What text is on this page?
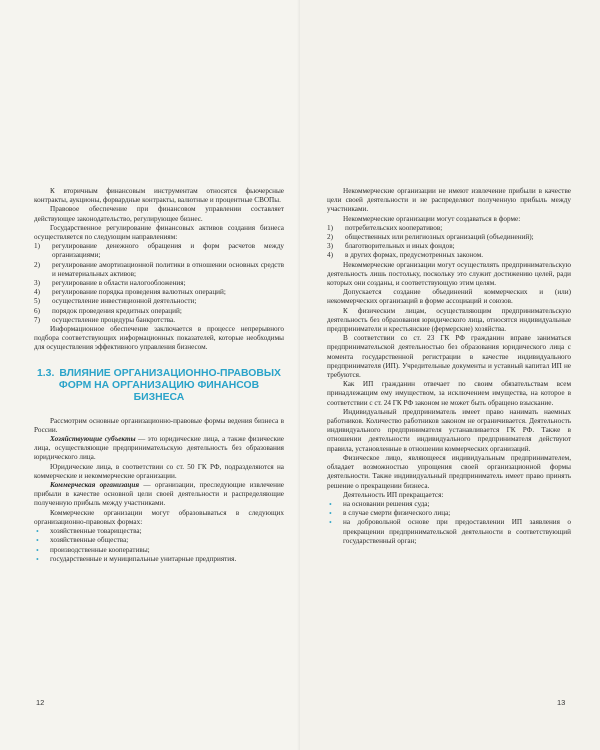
К вторичным финансовым инструментам относятся фьючерсные контракты, аукционы, форвардные контракты, валютные и процентные СВОПы.

Правовое обеспечение при финансовом управлении составляет действующее законодательство, регулирующее бизнес.

Государственное регулирование финансовых активов создания бизнеса осуществляется по следующим направлениям:

1) регулирование денежного обращения и форм расчетов между организациями;
2) регулирование амортизационной политики в отношении основных средств и нематериальных активов;
3) регулирование в области налогообложения;
4) регулирование порядка проведения валютных операций;
5) осуществление инвестиционной деятельности;
6) порядок проведения кредитных операций;
7) осуществление процедуры банкротства.

Информационное обеспечение заключается в процессе непрерывного подбора соответствующих информационных показателей, которые необходимы для осуществления эффективного управления бизнесом.

1.3. ВЛИЯНИЕ ОРГАНИЗАЦИОННО-ПРАВОВЫХ ФОРМ НА ОРГАНИЗАЦИЮ ФИНАНСОВ БИЗНЕСА

Рассмотрим основные организационно-правовые формы ведения бизнеса в России.

Хозяйствующие субъекты — это юридические лица, а также физические лица, осуществляющие предпринимательскую деятельность без образования юридического лица.

Юридические лица, в соответствии со ст. 50 ГК РФ, подразделяются на коммерческие и некоммерческие организации.

Коммерческая организация — организации, преследующие извлечение прибыли в качестве основной цели своей деятельности и распределяющие полученную прибыль между участниками.

Коммерческие организации могут образовываться в следующих организационно-правовых формах:

• хозяйственные товарищества;
• хозяйственные общества;
• производственные кооперативы;
• государственные и муниципальные унитарные предприятия.
12

Некоммерческие организации не имеют извлечение прибыли в качестве цели своей деятельности и не распределяют полученную прибыль между участниками.

Некоммерческие организации могут создаваться в форме:

1) потребительских кооперативов;
2) общественных или религиозных организаций (объединений);
3) благотворительных и иных фондов;
4) в других формах, предусмотренных законом.

Некоммерческие организации могут осуществлять предпринимательскую деятельность лишь постольку, поскольку это служит достижению целей, ради которых они созданы, и соответствующую этим целям.

Допускается создание объединений коммерческих и (или) некоммерческих организаций в форме ассоциаций и союзов.

К физическим лицам, осуществляющим предпринимательскую деятельность без образования юридического лица, относятся индивидуальные предприниматели и крестьянские (фермерские) хозяйства.

В соответствии со ст. 23 ГК РФ гражданин вправе заниматься предпринимательской деятельностью без образования юридического лица с момента государственной регистрации в качестве индивидуального предпринимателя (ИП). Учредительные документы и уставный капитал ИП не требуются.

Как ИП гражданин отвечает по своим обязательствам всем принадлежащим ему имуществом, за исключением имущества, на которое в соответствии с ст. 24 ГК РФ законом не может быть обращено взыскание.

Индивидуальный предприниматель имеет право нанимать наемных работников. Количество работников законом не ограничивается. Деятельность индивидуального предпринимателя устанавливается ГК РФ. Также в отношении деятельности индивидуального предпринимателя действуют правила, установленные в отношении коммерческих организаций.

Физическое лицо, являющееся индивидуальным предпринимателем, обладает возможностью упрощения своей организационной формы деятельности. Также индивидуальный предприниматель имеет право принять решение о прекращении бизнеса.

Деятельность ИП прекращается:

• на основании решения суда;
• в случае смерти физического лица;
• на добровольной основе при предоставлении ИП заявления о прекращении предпринимательской деятельности в соответствующий государственный орган;
13
